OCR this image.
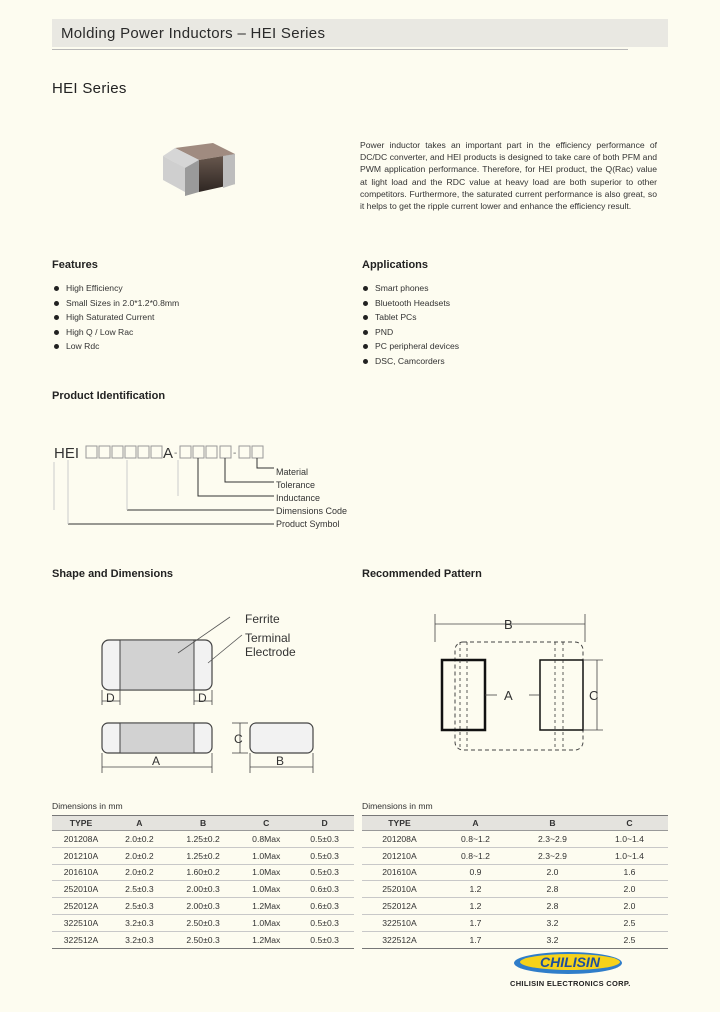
Molding Power Inductors – HEI Series
HEI Series

Power inductor takes an important part in the efficiency performance of DC/DC converter, and HEI products is designed to take care of both PFM and PWM application performance. Therefore, for HEI product, the Q(Rac) value at light load and the RDC value at heavy load are both superior to other competitors. Furthermore, the saturated current performance is also great, so it helps to get the ripple current lower and enhance the efficiency result.

Features
High Efficiency
Small Sizes in 2.0*1.2*0.8mm
High Saturated Current
High Q / Low Rac
Low Rdc
Applications
Smart phones
Bluetooth Headsets
Tablet PCs
PND
PC peripheral devices
DSC, Camcorders
Product Identification
HEI	A -	-
Material
Tolerance
Inductance
Dimensions Code
Product Symbol
Shape and Dimensions
Ferrite
Terminal
Electrode
D	D
A
C
B
Recommended Pattern
B
A	C
Dimensions in mm
TYPE	A	B	C	D
201208A	2.0±0.2	1.25±0.2	0.8Max	0.5±0.3
201210A	2.0±0.2	1.25±0.2	1.0Max	0.5±0.3
201610A	2.0±0.2	1.60±0.2	1.0Max	0.5±0.3
252010A	2.5±0.3	2.00±0.3	1.0Max	0.6±0.3
252012A	2.5±0.3	2.00±0.3	1.2Max	0.6±0.3
322510A	3.2±0.3	2.50±0.3	1.0Max	0.5±0.3
322512A	3.2±0.3	2.50±0.3	1.2Max	0.5±0.3
Dimensions in mm
TYPE	A	B	C
201208A	0.8~1.2	2.3~2.9	1.0~1.4
201210A	0.8~1.2	2.3~2.9	1.0~1.4
201610A	0.9	2.0	1.6
252010A	1.2	2.8	2.0
252012A	1.2	2.8	2.0
322510A	1.7	3.2	2.5
322512A	1.7	3.2	2.5
CHILISIN
CHILISIN ELECTRONICS CORP.
